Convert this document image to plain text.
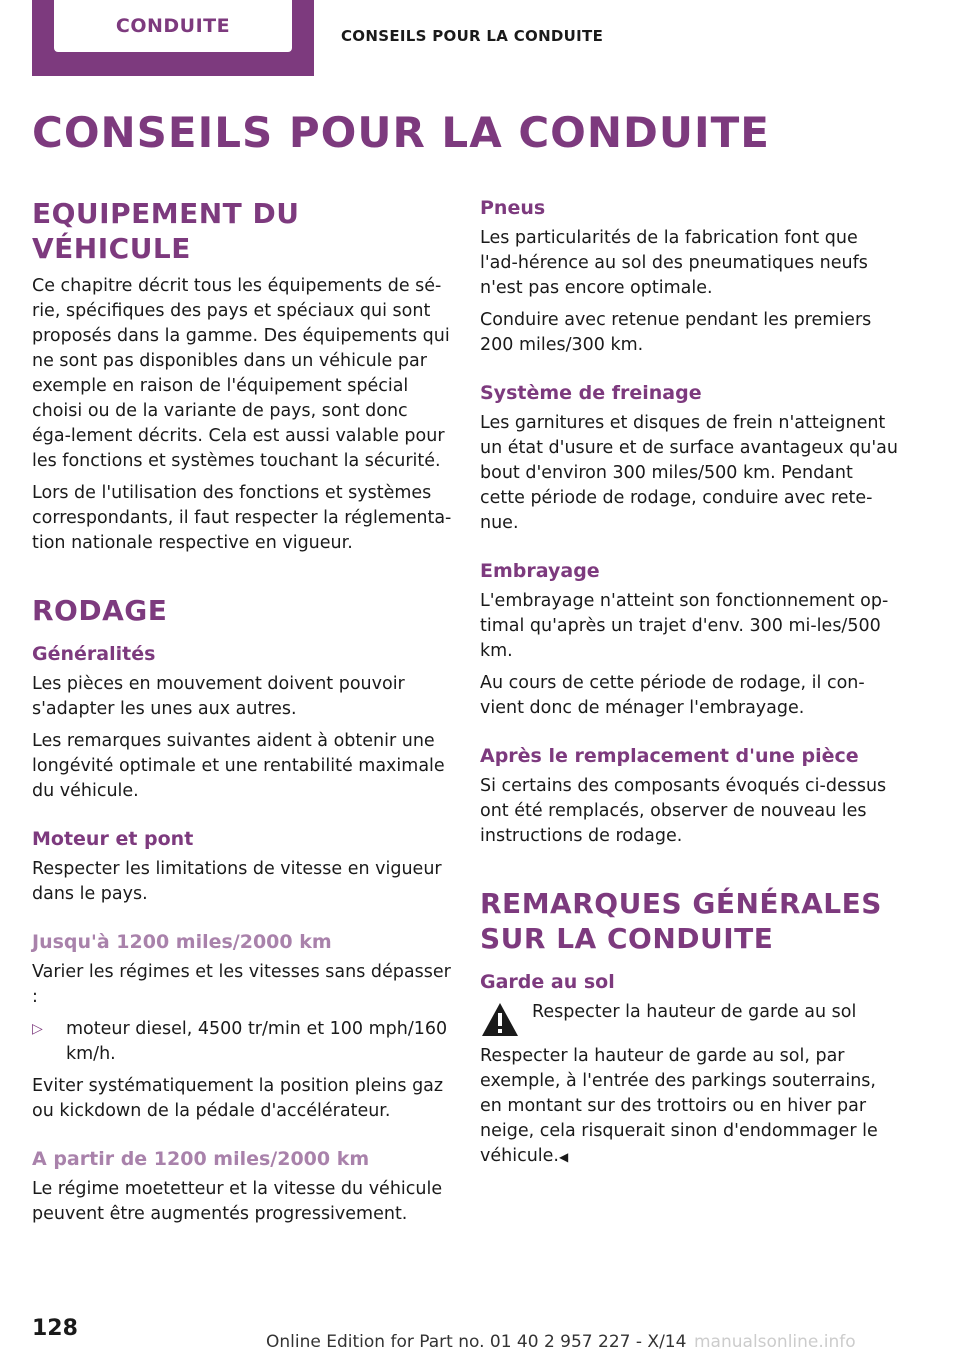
CONDUITE	CONSEILS POUR LA CONDUITE
CONSEILS POUR LA CONDUITE
EQUIPEMENT DU VÉHICULE

Ce chapitre décrit tous les équipements de sé-rie, spécifiques des pays et spéciaux qui sont proposés dans la gamme. Des équipements qui ne sont pas disponibles dans un véhicule par exemple en raison de l'équipement spécial choisi ou de la variante de pays, sont donc éga-lement décrits. Cela est aussi valable pour les fonctions et systèmes touchant la sécurité.

Lors de l'utilisation des fonctions et systèmes correspondants, il faut respecter la réglementa-tion nationale respective en vigueur.

RODAGE
Généralités

Les pièces en mouvement doivent pouvoir s'adapter les unes aux autres.

Les remarques suivantes aident à obtenir une longévité optimale et une rentabilité maximale du véhicule.

Moteur et pont

Respecter les limitations de vitesse en vigueur dans le pays.

Jusqu'à 1200 miles/2000 km

Varier les régimes et les vitesses sans dépasser :

▷	moteur diesel, 4500 tr/min et 100 mph/160 km/h.

Eviter systématiquement la position pleins gaz ou kickdown de la pédale d'accélérateur.

A partir de 1200 miles/2000 km

Le régime moetetteur et la vitesse du véhicule peuvent être augmentés progressivement.

Pneus

Les particularités de la fabrication font que l'ad-hérence au sol des pneumatiques neufs n'est pas encore optimale.

Conduire avec retenue pendant les premiers 200 miles/300 km.

Système de freinage

Les garnitures et disques de frein n'atteignent un état d'usure et de surface avantageux qu'au bout d'environ 300 miles/500 km. Pendant cette période de rodage, conduire avec rete-nue.

Embrayage

L'embrayage n'atteint son fonctionnement op-timal qu'après un trajet d'env. 300 mi-les/500 km.

Au cours de cette période de rodage, il con-vient donc de ménager l'embrayage.

Après le remplacement d'une pièce

Si certains des composants évoqués ci-dessus ont été remplacés, observer de nouveau les instructions de rodage.

REMARQUES GÉNÉRALES SUR LA CONDUITE
Garde au sol

Respecter la hauteur de garde au sol

Respecter la hauteur de garde au sol, par exemple, à l'entrée des parkings souterrains, en montant sur des trottoirs ou en hiver par neige, cela risquerait sinon d'endommager le véhicule.◀

128
Online Edition for Part no. 01 40 2 957 227 - X/14 manualsonline.info
